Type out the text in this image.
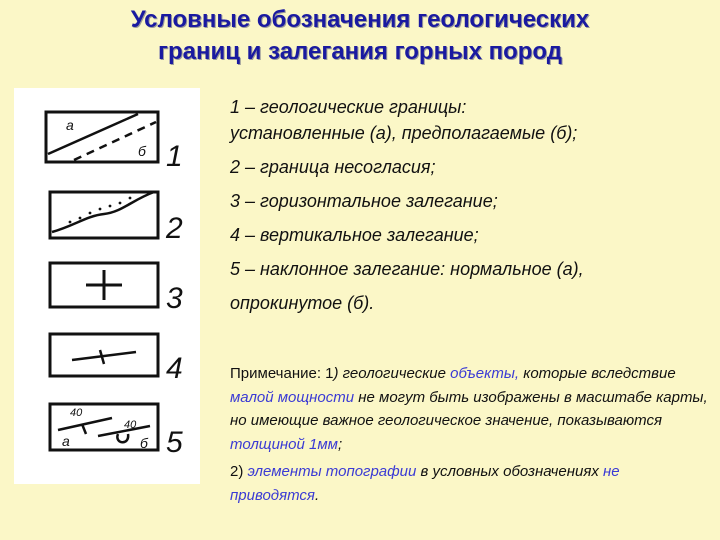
Условные обозначения геологических
границ и залегания горных пород
а
б
а	б
40
40
1
2
3
4
5
1 – геологические границы:
установленные (а), предполагаемые (б);
2 – граница несогласия;
3 – горизонтальное залегание;
4 – вертикальное залегание;
5 – наклонное залегание: нормальное (а),
опрокинутое (б).
Примечание: 1) геологические объекты, которые вследствие малой мощности не могут быть изображены в масштабе карты, но имеющие важное геологическое значение, показываются толщиной 1мм;
2) элементы топографии в условных обозначениях не приводятся.
